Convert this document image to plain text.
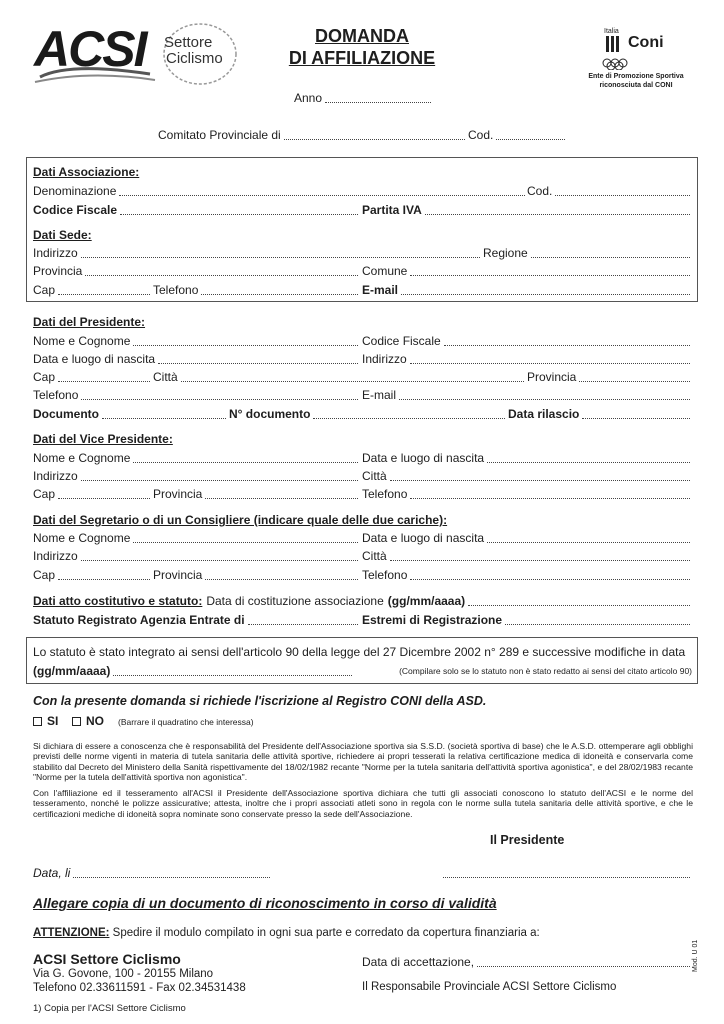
ACSI Settore
Ciclismo
DOMANDA
DI AFFILIAZIONE
Italia
Coni
Ente di Promozione Sportiva
riconosciuta dal CONI
Anno
Comitato Provinciale di	Cod.
Dati Associazione:
Denominazione	Cod.
Codice Fiscale	Partita IVA
Dati Sede:
Indirizzo	Regione
Provincia	Comune
Cap	Telefono	E-mail
Dati del Presidente:
Nome e Cognome	Codice Fiscale
Data e luogo di nascita	Indirizzo
Cap	Città	Provincia
Telefono	E-mail
Documento	N° documento	Data rilascio
Dati del Vice Presidente:
Nome e Cognome	Data e luogo di nascita
Indirizzo	Città
Cap	Provincia	Telefono
Dati del Segretario o di un Consigliere (indicare quale delle due cariche):
Nome e Cognome	Data e luogo di nascita
Indirizzo	Città
Cap	Provincia	Telefono
Dati atto costitutivo e statuto: Data di costituzione associazione (gg/mm/aaaa)
Statuto Registrato Agenzia Entrate di	Estremi di Registrazione
Lo statuto è stato integrato ai sensi dell'articolo 90 della legge del 27 Dicembre 2002 n° 289 e successive modifiche in data
(gg/mm/aaaa)	(Compilare solo se lo statuto non è stato redatto ai sensi del citato articolo 90)
Con la presente domanda si richiede l'iscrizione al Registro CONI della ASD.
SI NO (Barrare il quadratino che interessa)
Si dichiara di essere a conoscenza che è responsabilità del Presidente dell'Associazione sportiva sia S.S.D. (società sportiva di base) che le A.S.D. ottemperare agli obblighi previsti delle norme vigenti in materia di tutela sanitaria delle attività sportive, richiedere ai propri tesserati la relativa certificazione medica di idoneità e conservarla come stabilito dal Decreto del Ministero della Sanità rispettivamente del 18/02/1982 recante "Norme per la tutela sanitaria dell'attività sportiva agonistica", e del 28/02/1983 recante "Norme per la tutela dell'attività sportiva non agonistica".
Con l'affiliazione ed il tesseramento all'ACSI il Presidente dell'Associazione sportiva dichiara che tutti gli associati conoscono lo statuto dell'ACSI e le norme del tesseramento, nonché le polizze assicurative; attesta, inoltre che i propri associati atleti sono in regola con le norme sulla tutela sanitaria delle attività sportive, e che le certificazioni mediche di idoneità sopra nominate sono conservate presso la sede dell'Associazione.
Il Presidente
Data, li
Allegare copia di un documento di riconoscimento in corso di validità
ATTENZIONE: Spedire il modulo compilato in ogni sua parte e corredato da copertura finanziaria a:
ACSI Settore Ciclismo
Via G. Govone, 100 - 20155 Milano
Telefono 02.33611591 - Fax 02.34531438
1) Copia per l'ACSI Settore Ciclismo
Data di accettazione,
Il Responsabile Provinciale ACSI Settore Ciclismo
Mod. U 01
